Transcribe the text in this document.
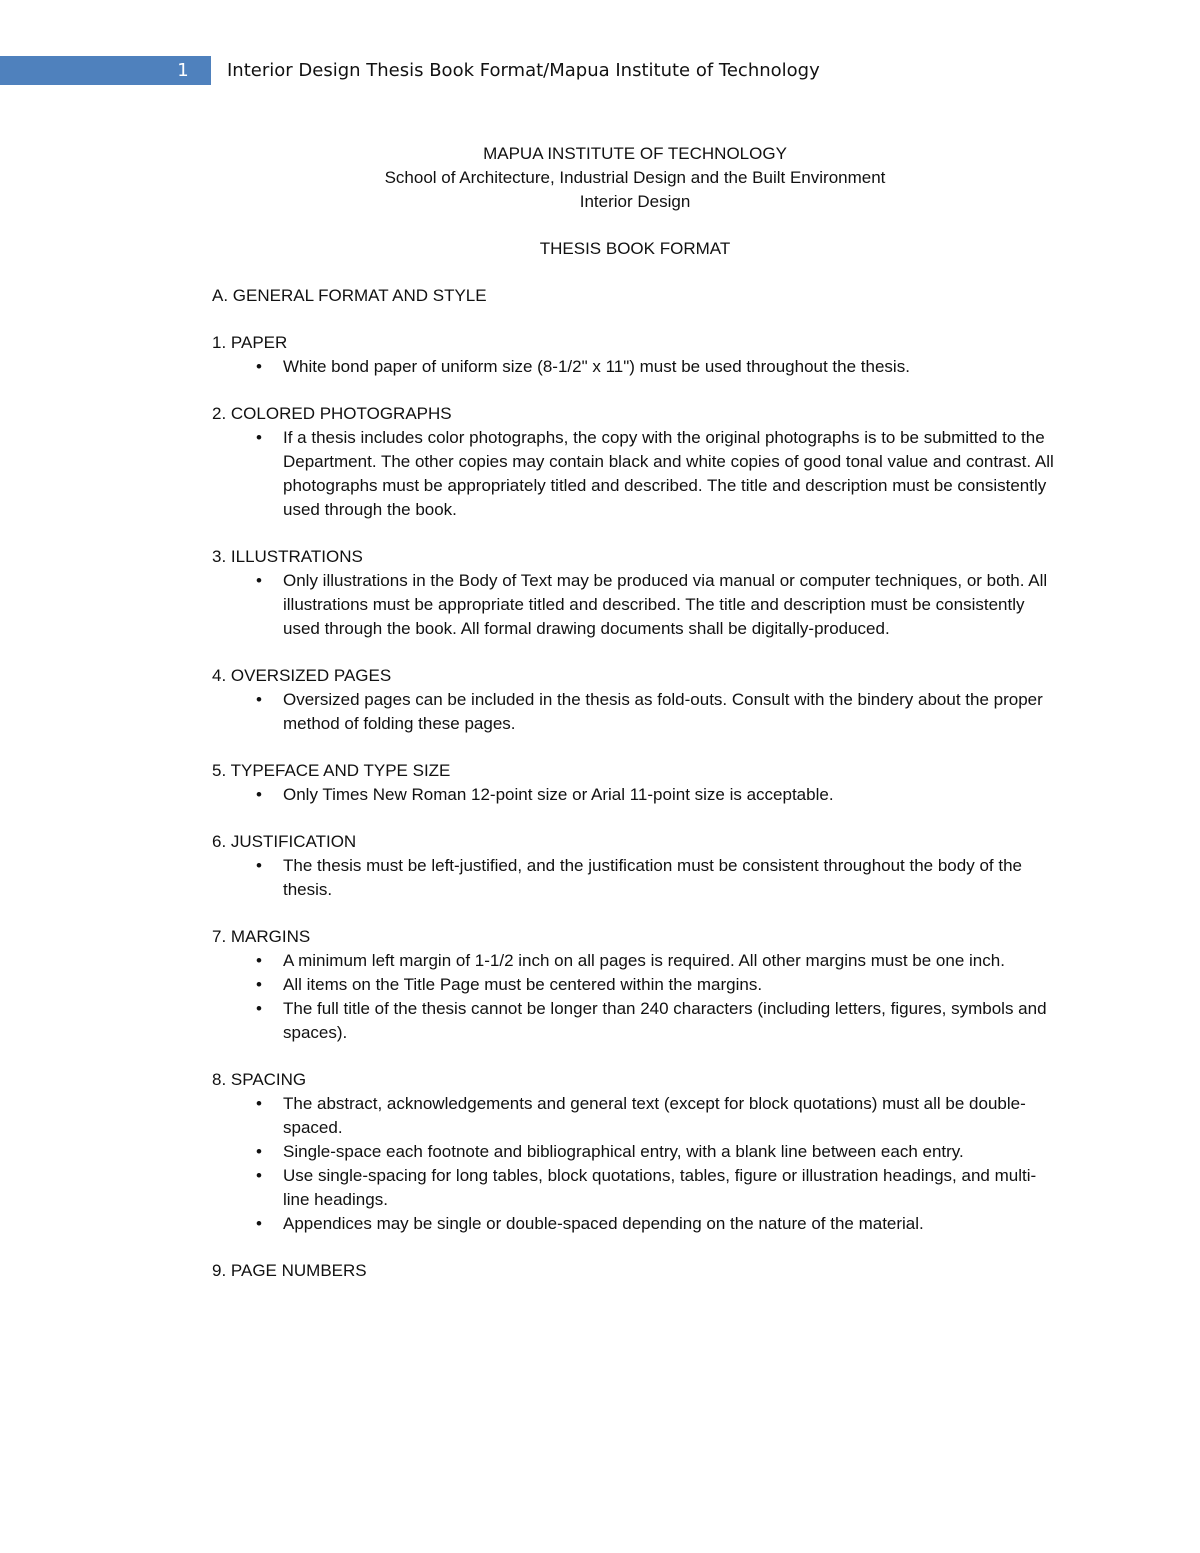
1	Interior Design Thesis Book Format/Mapua Institute of Technology
MAPUA INSTITUTE OF TECHNOLOGY
School of Architecture, Industrial Design and the Built Environment
Interior Design
THESIS BOOK FORMAT
A. GENERAL FORMAT AND STYLE
1. PAPER
• White bond paper of uniform size (8-1/2" x 11") must be used throughout the thesis.
2. COLORED PHOTOGRAPHS
• If a thesis includes color photographs, the copy with the original photographs is to be submitted to the Department. The other copies may contain black and white copies of good tonal value and contrast. All photographs must be appropriately titled and described. The title and description must be consistently used through the book.
3. ILLUSTRATIONS
• Only illustrations in the Body of Text may be produced via manual or computer techniques, or both. All illustrations must be appropriate titled and described. The title and description must be consistently used through the book. All formal drawing documents shall be digitally-produced.
4. OVERSIZED PAGES
• Oversized pages can be included in the thesis as fold-outs. Consult with the bindery about the proper method of folding these pages.
5. TYPEFACE AND TYPE SIZE
• Only Times New Roman 12-point size or Arial 11-point size is acceptable.
6. JUSTIFICATION
• The thesis must be left-justified, and the justification must be consistent throughout the body of the thesis.
7. MARGINS
• A minimum left margin of 1-1/2 inch on all pages is required. All other margins must be one inch.
• All items on the Title Page must be centered within the margins.
• The full title of the thesis cannot be longer than 240 characters (including letters, figures, symbols and spaces).
8. SPACING
• The abstract, acknowledgements and general text (except for block quotations) must all be double-spaced.
• Single-space each footnote and bibliographical entry, with a blank line between each entry.
• Use single-spacing for long tables, block quotations, tables, figure or illustration headings, and multi-line headings.
• Appendices may be single or double-spaced depending on the nature of the material.
9. PAGE NUMBERS
